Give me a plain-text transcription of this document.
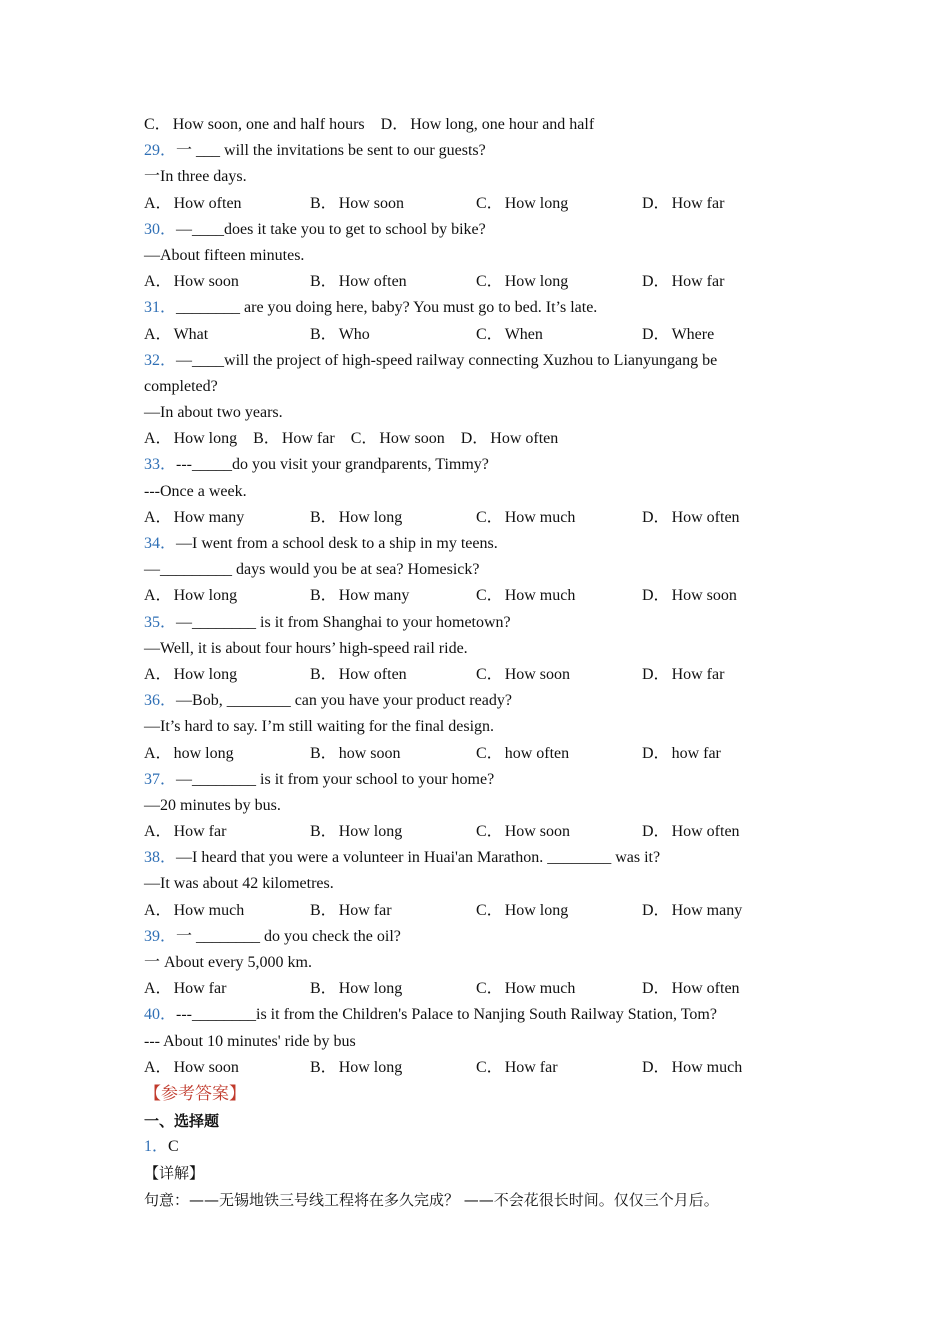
C． How soon, one and half hours D． How long, one hour and half
29．一 ___ will the invitations be sent to our guests?
一In three days.
A． How often	B． How soon	C． How long	D． How far
30．—____does it take you to get to school by bike?
—About fifteen minutes.
A． How soon	B． How often	C． How long	D． How far
31．________ are you doing here, baby? You must go to bed. It’s late.
A． What	B． Who	C． When	D． Where
32．—____will the project of high-speed railway connecting Xuzhou to Lianyungang be
completed?
—In about two years.
A． How long B． How far C． How soon D． How often
33．---_____do you visit your grandparents, Timmy?
---Once a week.
A． How many	B． How long	C． How much	D． How often
34．—I went from a school desk to a ship in my teens.
—_________ days would you be at sea? Homesick?
A． How long	B． How many	C． How much	D． How soon
35．—________ is it from Shanghai to your hometown?
—Well, it is about four hours’ high-speed rail ride.
A． How long	B． How often	C． How soon	D． How far
36．—Bob, ________ can you have your product ready?
—It’s hard to say. I’m still waiting for the final design.
A． how long	B． how soon	C． how often	D． how far
37．—________ is it from your school to your home?
—20 minutes by bus.
A． How far	B． How long	C． How soon	D． How often
38．—I heard that you were a volunteer in Huai'an Marathon. ________ was it?
—It was about 42 kilometres.
A． How much	B． How far	C． How long	D． How many
39．一 ________ do you check the oil?
一 About every 5,000 km.
A． How far	B． How long	C． How much	D． How often
40．---________is it from the Children's Palace to Nanjing South Railway Station, Tom?
--- About 10 minutes' ride by bus
A． How soon	B． How long	C． How far	D． How much
【参考答案】
一、选择题
1．C
【详解】
句意：——无锡地铁三号线工程将在多久完成？ ——不会花很长时间。仅仅三个月后。
